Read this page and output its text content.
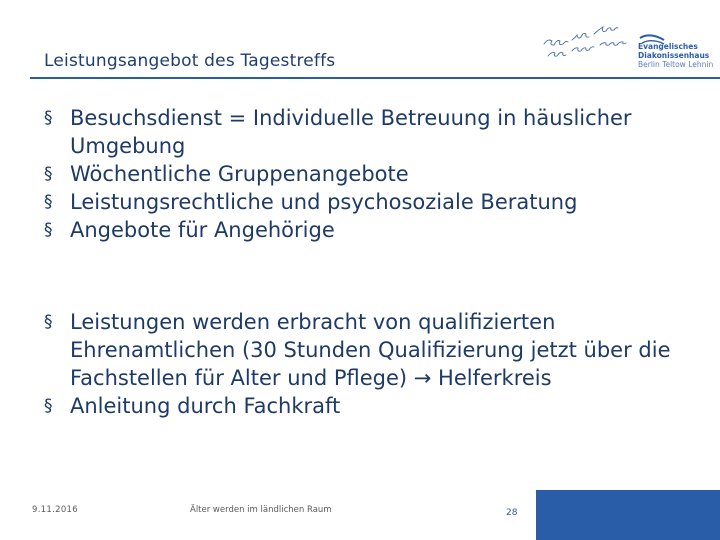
Evangelisches
Diakonissenhaus
Berlin Teltow Lehnin
Leistungsangebot des Tagestreffs
§ Besuchsdienst = Individuelle Betreuung in häuslicher Umgebung
§ Wöchentliche Gruppenangebote
§ Leistungsrechtliche und psychosoziale Beratung
§ Angebote für Angehörige
§ Leistungen werden erbracht von qualifizierten Ehrenamtlichen (30 Stunden Qualifizierung jetzt über die Fachstellen für Alter und Pflege) → Helferkreis
§ Anleitung durch Fachkraft
9.11.2016	Älter werden im ländlichen Raum	28
